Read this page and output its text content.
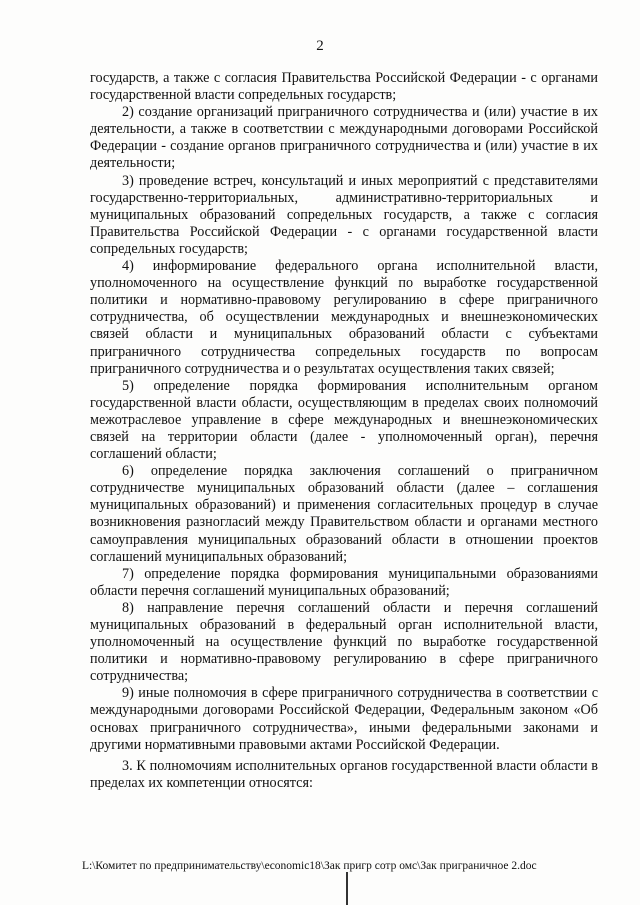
2

государств, а также с согласия Правительства Российской Федерации - с органами государственной власти сопредельных государств;

2) создание организаций приграничного сотрудничества и (или) участие в их деятельности, а также в соответствии с международными договорами Российской Федерации - создание органов приграничного сотрудничества и (или) участие в их деятельности;

3) проведение встреч, консультаций и иных мероприятий с представителями государственно-территориальных, административно-территориальных и муниципальных образований сопредельных государств, а также с согласия Правительства Российской Федерации - с органами государственной власти сопредельных государств;

4) информирование федерального органа исполнительной власти, уполномоченного на осуществление функций по выработке государственной политики и нормативно-правовому регулированию в сфере приграничного сотрудничества, об осуществлении международных и внешнеэкономических связей области и муниципальных образований области с субъектами приграничного сотрудничества сопредельных государств по вопросам приграничного сотрудничества и о результатах осуществления таких связей;

5) определение порядка формирования исполнительным органом государственной власти области, осуществляющим в пределах своих полномочий межотраслевое управление в сфере международных и внешнеэкономических связей на территории области (далее - уполномоченный орган), перечня соглашений области;

6) определение порядка заключения соглашений о приграничном сотрудничестве муниципальных образований области (далее – соглашения муниципальных образований) и применения согласительных процедур в случае возникновения разногласий между Правительством области и органами местного самоуправления муниципальных образований области в отношении проектов соглашений муниципальных образований;

7) определение порядка формирования муниципальными образованиями области перечня соглашений муниципальных образований;

8) направление перечня соглашений области и перечня соглашений муниципальных образований в федеральный орган исполнительной власти, уполномоченный на осуществление функций по выработке государственной политики и нормативно-правовому регулированию в сфере приграничного сотрудничества;

9) иные полномочия в сфере приграничного сотрудничества в соответствии с международными договорами Российской Федерации, Федеральным законом «Об основах приграничного сотрудничества», иными федеральными законами и другими нормативными правовыми актами Российской Федерации.

3. К полномочиям исполнительных органов государственной власти области в пределах их компетенции относятся:

L:\Комитет по предпринимательству\economic18\Зак пригр сотр омс\Зак приграничное 2.doc
